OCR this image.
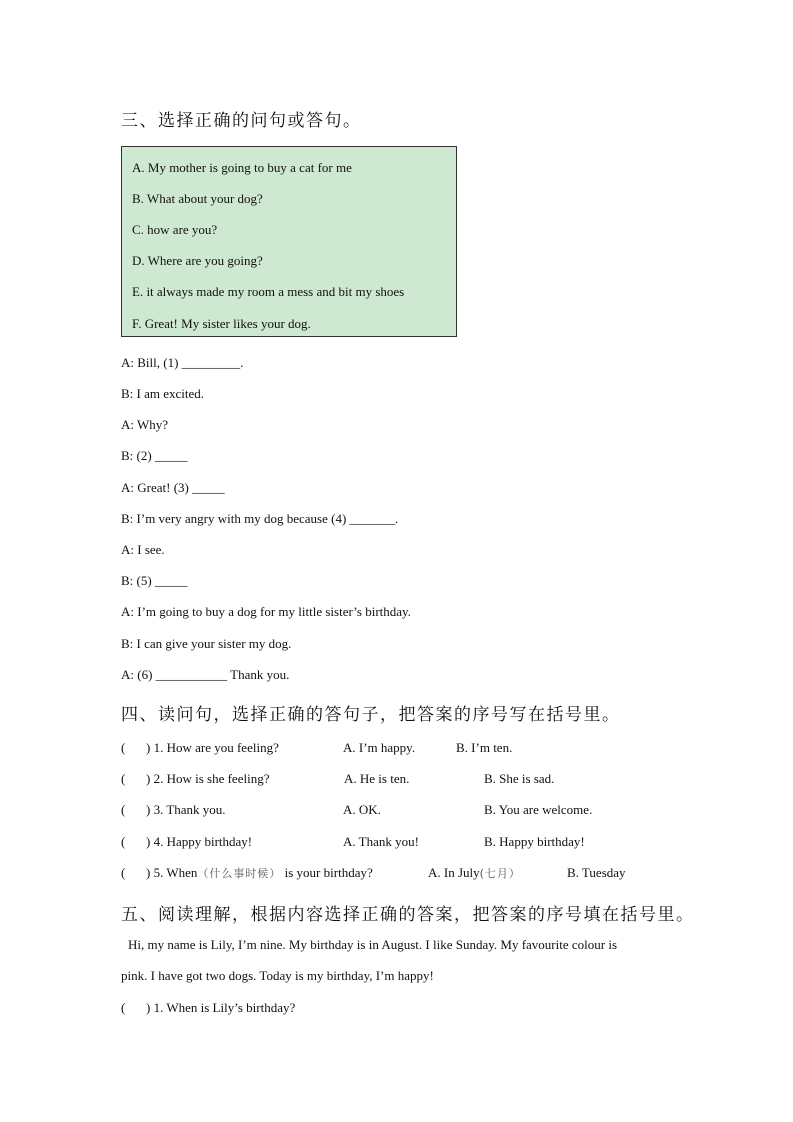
三、选择正确的问句或答句。
A. My mother is going to buy a cat for me
B. What about your dog?
C. how are you?
D. Where are you going?
E. it always made my room a mess and bit my shoes
F. Great! My sister likes your dog.
A: Bill, (1) _________.
B: I am excited.
A: Why?
B: (2) _____
A: Great! (3) _____
B: I’m very angry with my dog because (4) _______.
A: I see.
B: (5) _____
A: I’m going to buy a dog for my little sister’s birthday.
B: I can give your sister my dog.
A: (6) ___________ Thank you.
四、读问句，选择正确的答句子，把答案的序号写在括号里。
( ) 1. How are you feeling?	A. I’m happy.	B. I’m ten.
( ) 2. How is she feeling?	A. He is ten.	B. She is sad.
( ) 3. Thank you.	A. OK.	B. You are welcome.
( ) 4. Happy birthday!	A. Thank you!	B. Happy birthday!
( ) 5. When（什么事时候） is your birthday?	A. In July(七月）	B. Tuesday
五、阅读理解，根据内容选择正确的答案，把答案的序号填在括号里。
Hi, my name is Lily, I’m nine. My birthday is in August. I like Sunday. My favourite colour is
pink. I have got two dogs. Today is my birthday, I’m happy!
( ) 1. When is Lily’s birthday?
